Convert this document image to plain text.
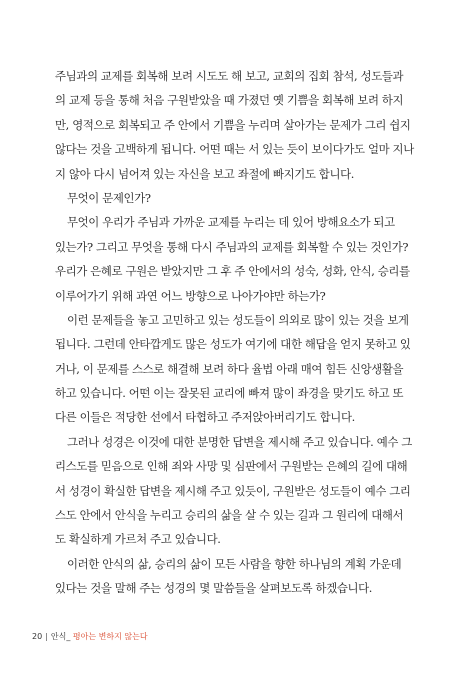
주님과의 교제를 회복해 보려 시도도 해 보고, 교회의 집회 참석, 성도들과
의 교제 등을 통해 처음 구원받았을 때 가졌던 옛 기쁨을 회복해 보려 하지
만, 영적으로 회복되고 주 안에서 기쁨을 누리며 살아가는 문제가 그리 쉽지
않다는 것을 고백하게 됩니다. 어떤 때는 서 있는 듯이 보이다가도 얼마 지나
지 않아 다시 넘어져 있는 자신을 보고 좌절에 빠지기도 합니다.
무엇이 문제인가?
무엇이 우리가 주님과 가까운 교제를 누리는 데 있어 방해요소가 되고
있는가? 그리고 무엇을 통해 다시 주님과의 교제를 회복할 수 있는 것인가?
우리가 은혜로 구원은 받았지만 그 후 주 안에서의 성숙, 성화, 안식, 승리를
이루어가기 위해 과연 어느 방향으로 나아가야만 하는가?
이런 문제들을 놓고 고민하고 있는 성도들이 의외로 많이 있는 것을 보게
됩니다. 그런데 안타깝게도 많은 성도가 여기에 대한 해답을 얻지 못하고 있
거나, 이 문제를 스스로 해결해 보려 하다 율법 아래 매여 힘든 신앙생활을
하고 있습니다. 어떤 이는 잘못된 교리에 빠져 많이 좌경을 맞기도 하고 또
다른 이들은 적당한 선에서 타협하고 주저앉아버리기도 합니다.
그러나 성경은 이것에 대한 분명한 답변을 제시해 주고 있습니다. 예수 그
리스도를 믿음으로 인해 죄와 사망 및 심판에서 구원받는 은혜의 길에 대해
서 성경이 확실한 답변을 제시해 주고 있듯이, 구원받은 성도들이 예수 그리
스도 안에서 안식을 누리고 승리의 삶을 살 수 있는 길과 그 원리에 대해서
도 확실하게 가르쳐 주고 있습니다.
이러한 안식의 삶, 승리의 삶이 모든 사람을 향한 하나님의 계획 가운데
있다는 것을 말해 주는 성경의 몇 말씀들을 살펴보도록 하겠습니다.
20 | 안식_ 평아는 변하지 않는다
